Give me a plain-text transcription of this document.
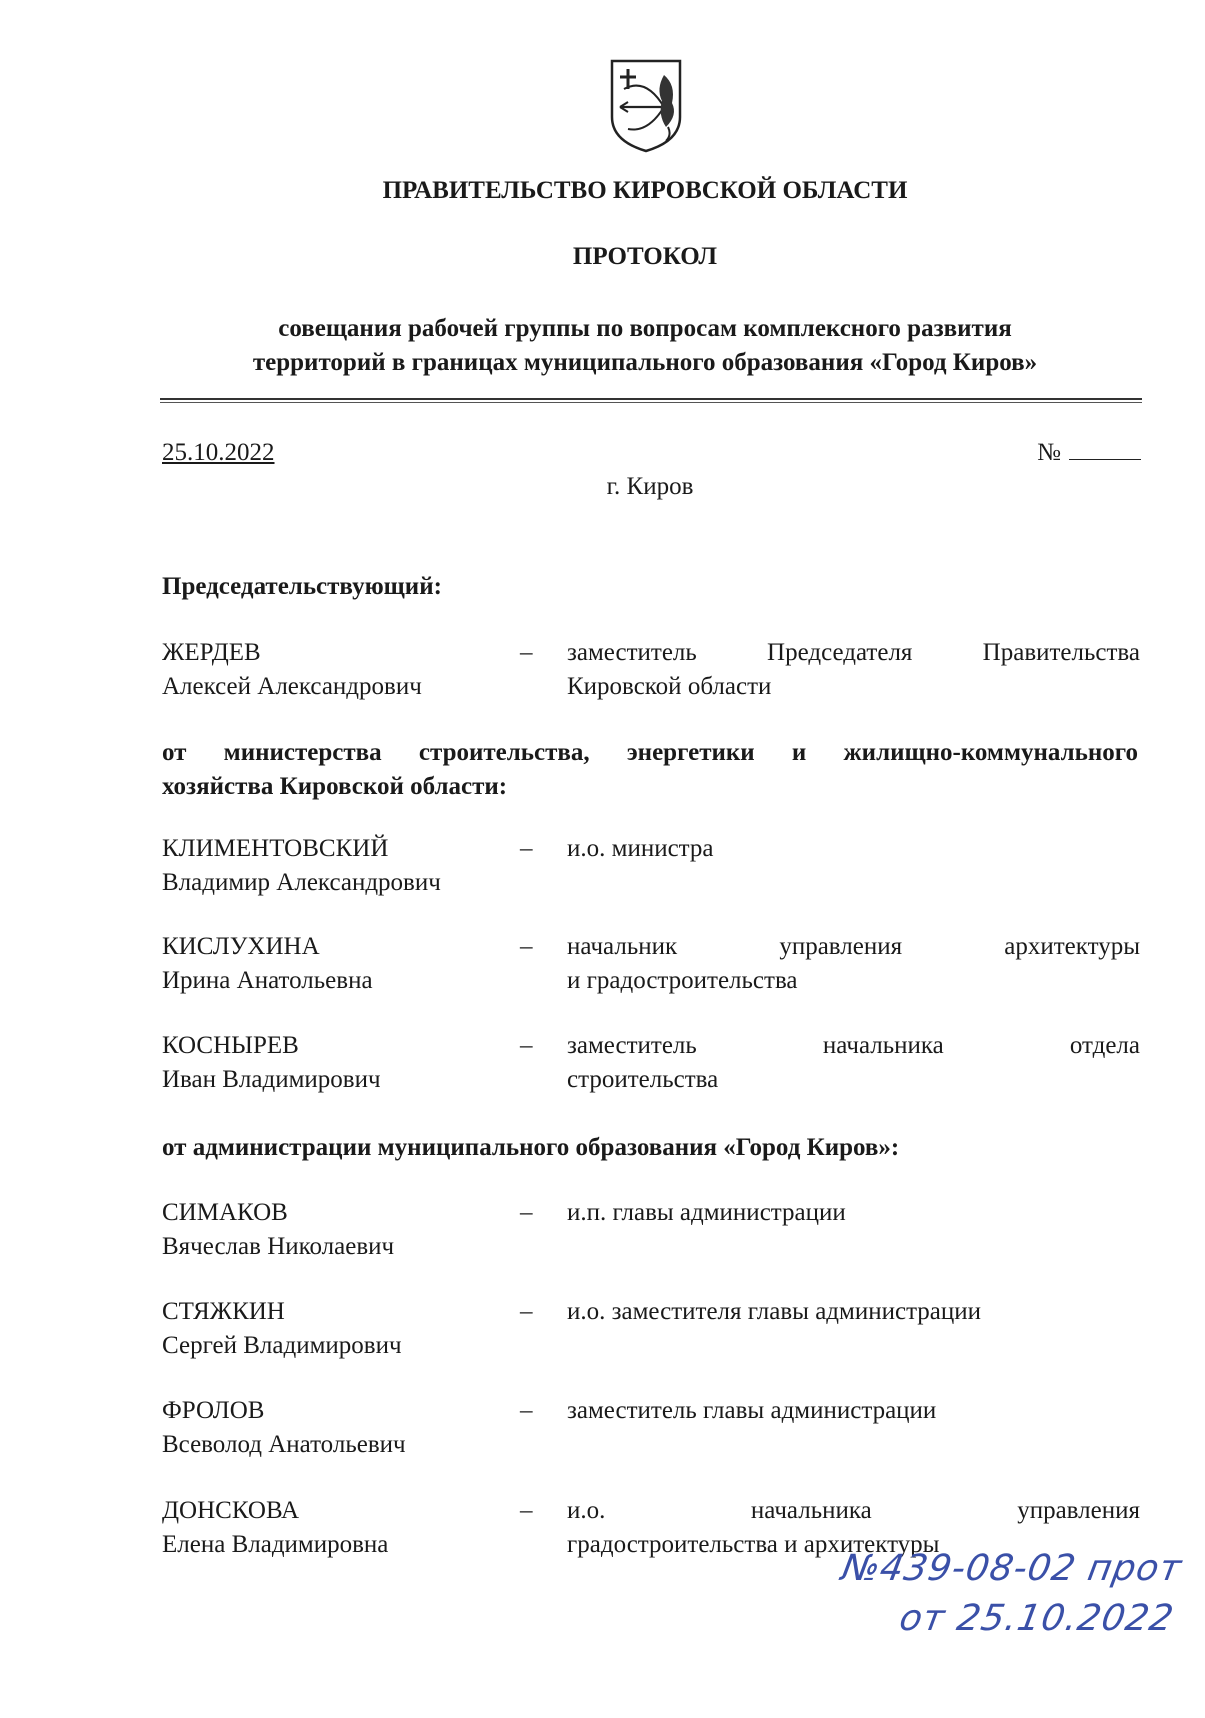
ПРАВИТЕЛЬСТВО КИРОВСКОЙ ОБЛАСТИ
ПРОТОКОЛ
совещания рабочей группы по вопросам комплексного развития
территорий в границах муниципального образования «Город Киров»
25.10.2022	№
г. Киров
Председательствующий:
ЖЕРДЕВ
Алексей Александрович
– заместитель Председателя Правительства
Кировской области
от министерства строительства, энергетики и жилищно-коммунального
хозяйства Кировской области:
КЛИМЕНТОВСКИЙ
Владимир Александрович
– и.о. министра
КИСЛУХИНА
Ирина Анатольевна
– начальник управления архитектуры
и градостроительства
КОСНЫРЕВ
Иван Владимирович
– заместитель начальника отдела
строительства
от администрации муниципального образования «Город Киров»:
СИМАКОВ
Вячеслав Николаевич
– и.п. главы администрации
СТЯЖКИН
Сергей Владимирович
– и.о. заместителя главы администрации
ФРОЛОВ
Всеволод Анатольевич
– заместитель главы администрации
ДОНСКОВА
Елена Владимировна
– и.о. начальника управления
градостроительства и архитектуры
№439-08-02 прот
от 25.10.2022
